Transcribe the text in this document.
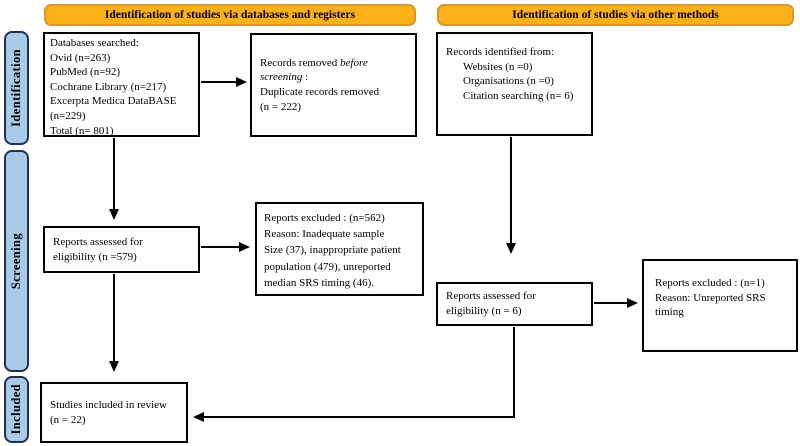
Identification of studies via databases and registers	Identification of studies via other methods
Identification
Screening
Included
Databases searched:
Ovid (n=263)
PubMed (n=92)
Cochrane Library (n=217)
Excerpta Medica DataBASE
(n=229)
Total (n= 801)
Records removed before
screening :
Duplicate records removed
(n = 222)
Records identified from:
Websites (n =0)
Organisations (n =0)
Citation searching (n= 6)
Reports assessed for
eligibility (n =579)
Reports excluded : (n=562)
Reason: Inadequate sample
Size (37), inappropriate patient
population (479), unreported
median SRS timing (46).
Reports assessed for
eligibility (n = 6)
Reports excluded : (n=1)
Reason: Unreported SRS
timing
Studies included in review
(n = 22)
